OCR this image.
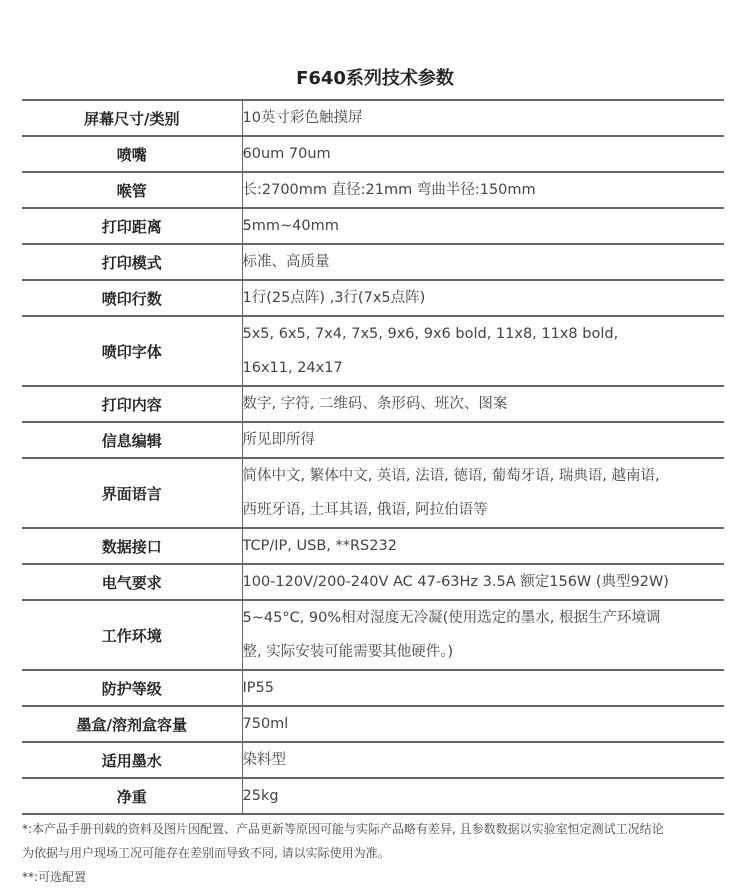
F640系列技术参数
屏幕尺寸/类别	10英寸彩色触摸屏

喷嘴	60um 70um

喉管	长:2700mm 直径:21mm 弯曲半径:150mm

打印距离	5mm~40mm

打印模式	标准、高质量

喷印行数	1行(25点阵) ,3行(7x5点阵)

喷印字体	5x5, 6x5, 7x4, 7x5, 9x6, 9x6 bold, 11x8, 11x8 bold,
16x11, 24x17

打印内容	数字, 字符, 二维码、条形码、班次、图案

信息编辑	所见即所得

界面语言	简体中文, 繁体中文, 英语, 法语, 德语, 葡萄牙语, 瑞典语, 越南语,
西班牙语, 土耳其语, 俄语, 阿拉伯语等

数据接口	TCP/IP, USB, **RS232

电气要求	100-120V/200-240V AC 47-63Hz 3.5A 额定156W (典型92W)

工作环境	5~45°C, 90%相对湿度无冷凝(使用选定的墨水, 根据生产环境调
整, 实际安装可能需要其他硬件。)

防护等级	IP55

墨盒/溶剂盒容量	750ml

适用墨水	染料型

净重	25kg

*:本产品手册刊载的资料及图片因配置、产品更新等原因可能与实际产品略有差异, 且参数数据以实验室恒定测试工况结论

为依据与用户现场工况可能存在差别而导致不同, 请以实际使用为准。

**:可选配置
